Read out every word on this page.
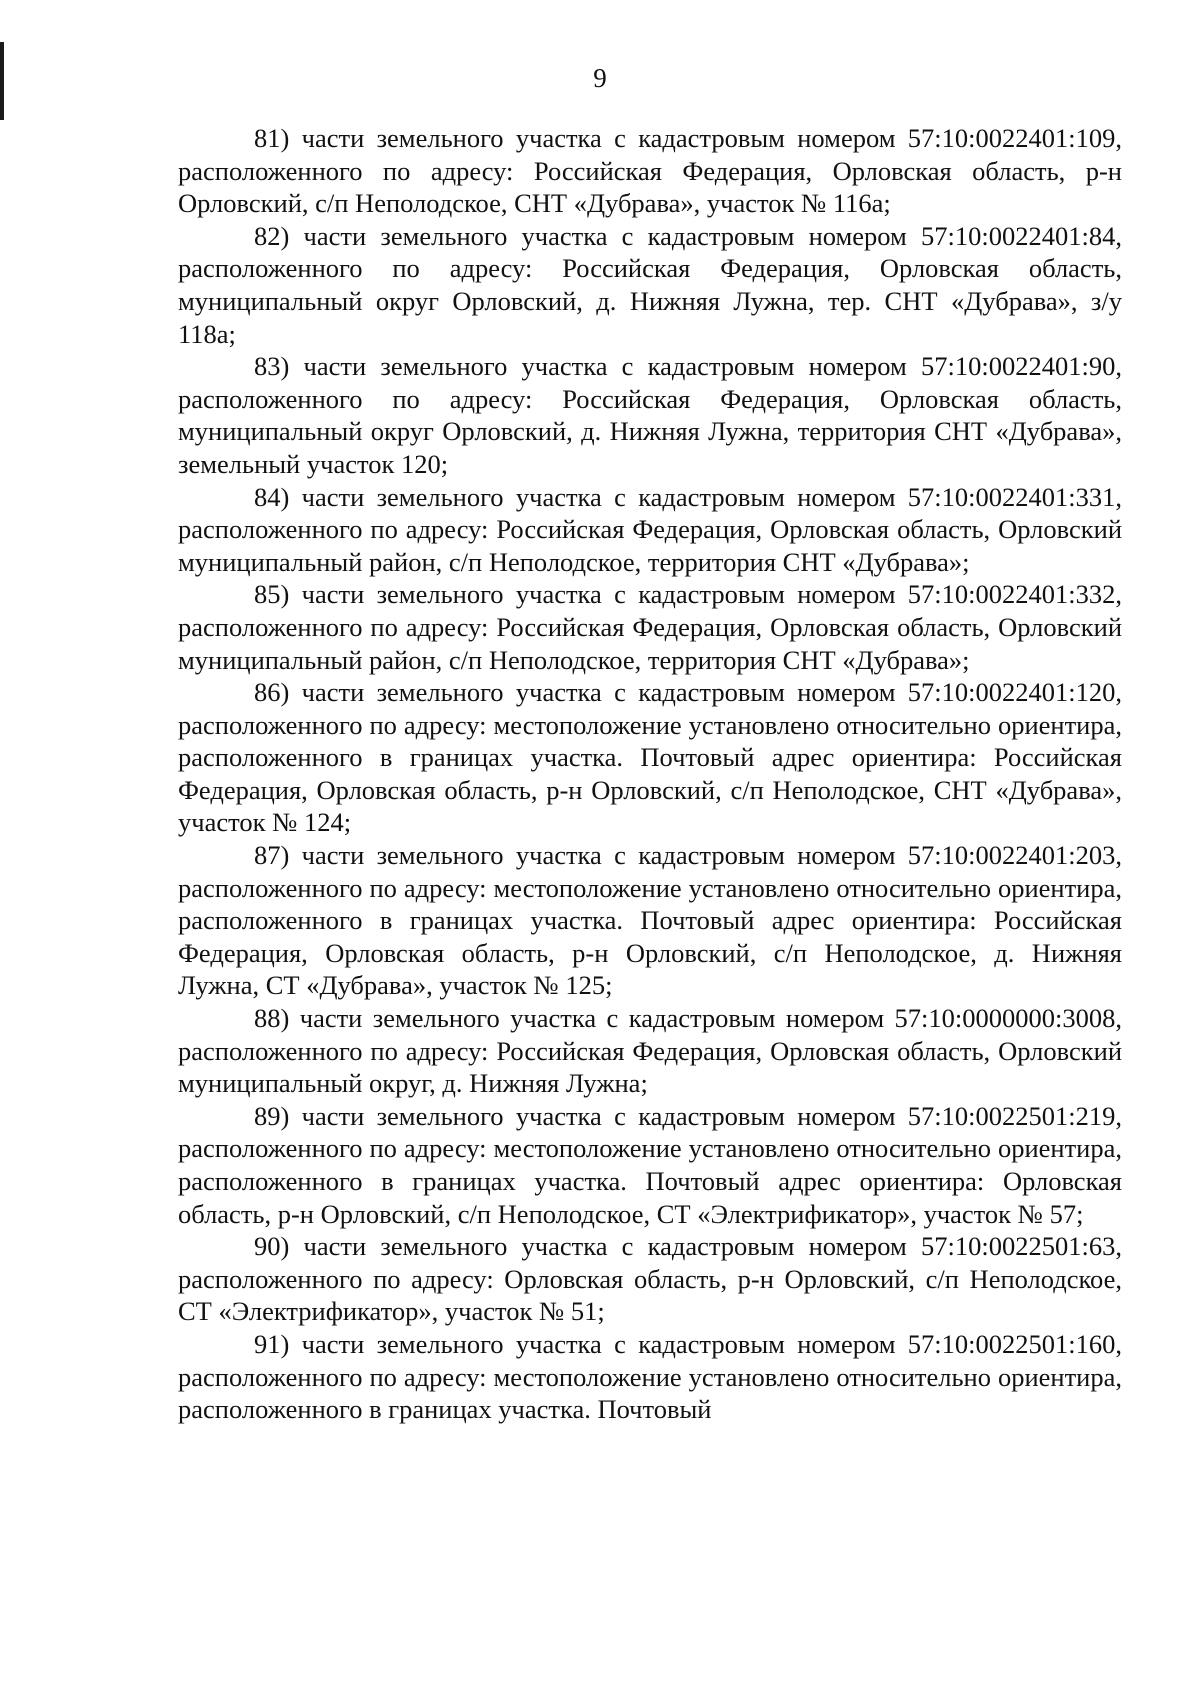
9

81) части земельного участка с кадастровым номером 57:10:0022401:109, расположенного по адресу: Российская Федерация, Орловская область, р-н Орловский, с/п Неполодское, СНТ «Дубрава», участок № 116а;

82) части земельного участка с кадастровым номером 57:10:0022401:84, расположенного по адресу: Российская Федерация, Орловская область, муниципальный округ Орловский, д. Нижняя Лужна, тер. СНТ «Дубрава», з/у 118а;

83) части земельного участка с кадастровым номером 57:10:0022401:90, расположенного по адресу: Российская Федерация, Орловская область, муниципальный округ Орловский, д. Нижняя Лужна, территория СНТ «Дубрава», земельный участок 120;

84) части земельного участка с кадастровым номером 57:10:0022401:331, расположенного по адресу: Российская Федерация, Орловская область, Орловский муниципальный район, с/п Неполодское, территория СНТ «Дубрава»;

85) части земельного участка с кадастровым номером 57:10:0022401:332, расположенного по адресу: Российская Федерация, Орловская область, Орловский муниципальный район, с/п Неполодское, территория СНТ «Дубрава»;

86) части земельного участка с кадастровым номером 57:10:0022401:120, расположенного по адресу: местоположение установлено относительно ориентира, расположенного в границах участка. Почтовый адрес ориентира: Российская Федерация, Орловская область, р-н Орловский, с/п Неполодское, СНТ «Дубрава», участок № 124;

87) части земельного участка с кадастровым номером 57:10:0022401:203, расположенного по адресу: местоположение установлено относительно ориентира, расположенного в границах участка. Почтовый адрес ориентира: Российская Федерация, Орловская область, р-н Орловский, с/п Неполодское, д. Нижняя Лужна, СТ «Дубрава», участок № 125;

88) части земельного участка с кадастровым номером 57:10:0000000:3008, расположенного по адресу: Российская Федерация, Орловская область, Орловский муниципальный округ, д. Нижняя Лужна;

89) части земельного участка с кадастровым номером 57:10:0022501:219, расположенного по адресу: местоположение установлено относительно ориентира, расположенного в границах участка. Почтовый адрес ориентира: Орловская область, р-н Орловский, с/п Неполодское, СТ «Электрификатор», участок № 57;

90) части земельного участка с кадастровым номером 57:10:0022501:63, расположенного по адресу: Орловская область, р-н Орловский, с/п Неполодское, СТ «Электрификатор», участок № 51;

91) части земельного участка с кадастровым номером 57:10:0022501:160, расположенного по адресу: местоположение установлено относительно ориентира, расположенного в границах участка. Почтовый
